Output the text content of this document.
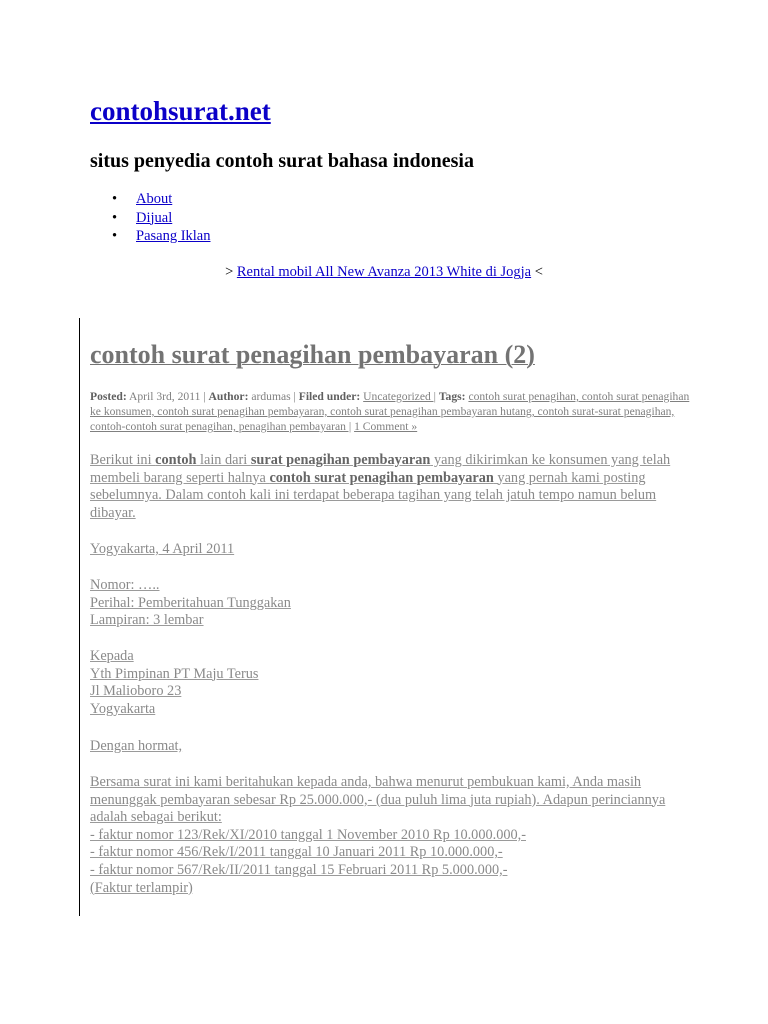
contohsurat.net
situs penyedia contoh surat bahasa indonesia
• About
• Dijual
• Pasang Iklan
> Rental mobil All New Avanza 2013 White di Jogja <
contoh surat penagihan pembayaran (2)
Posted: April 3rd, 2011 | Author: ardumas | Filed under: Uncategorized | Tags: contoh surat penagihan, contoh surat penagihan ke konsumen, contoh surat penagihan pembayaran, contoh surat penagihan pembayaran hutang, contoh surat-surat penagihan, contoh-contoh surat penagihan, penagihan pembayaran | 1 Comment »
Berikut ini contoh lain dari surat penagihan pembayaran yang dikirimkan ke konsumen yang telah membeli barang seperti halnya contoh surat penagihan pembayaran yang pernah kami posting sebelumnya. Dalam contoh kali ini terdapat beberapa tagihan yang telah jatuh tempo namun belum dibayar.
Yogyakarta, 4 April 2011
Nomor: …..
Perihal: Pemberitahuan Tunggakan
Lampiran: 3 lembar
Kepada
Yth Pimpinan PT Maju Terus
Jl Malioboro 23
Yogyakarta
Dengan hormat,
Bersama surat ini kami beritahukan kepada anda, bahwa menurut pembukuan kami, Anda masih menunggak pembayaran sebesar Rp 25.000.000,- (dua puluh lima juta rupiah). Adapun perinciannya adalah sebagai berikut:
- faktur nomor 123/Rek/XI/2010 tanggal 1 November 2010 Rp 10.000.000,-
- faktur nomor 456/Rek/I/2011 tanggal 10 Januari 2011 Rp 10.000.000,-
- faktur nomor 567/Rek/II/2011 tanggal 15 Februari 2011 Rp 5.000.000,-
(Faktur terlampir)
